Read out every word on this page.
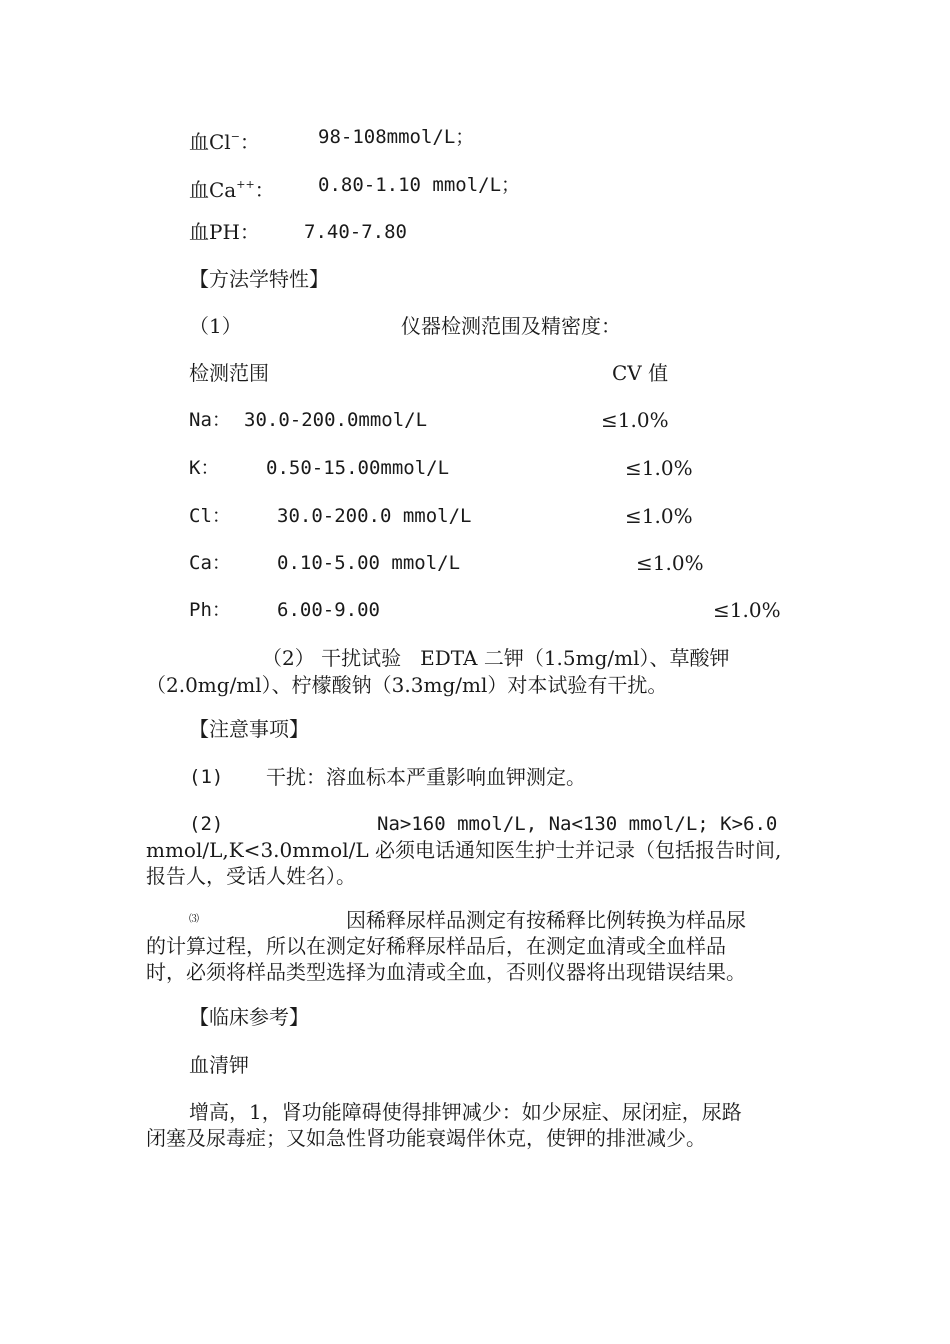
血Cl−：	98-108mmol/L；
血Ca++： 0.80-1.10 mmol/L；
血PH： 7.40-7.80
【方法学特性】
（1）	仪器检测范围及精密度：
检测范围	CV 值
Na： 30.0-200.0mmol/L	≤1.0%
K： 0.50-15.00mmol/L	≤1.0%
Cl： 30.0-200.0 mmol/L	≤1.0%
Ca： 0.10-5.00 mmol/L	≤1.0%
Ph： 6.00-9.00	≤1.0%
（2） 干扰试验   EDTA 二钾（1.5mg/ml）、草酸钾
（2.0mg/ml）、柠檬酸钠（3.3mg/ml）对本试验有干扰。
【注意事项】
(1) 干扰：溶血标本严重影响血钾测定。
(2)	Na>160 mmol/L, Na<130 mmol/L; K>6.0
mmol/L,K<3.0mmol/L 必须电话通知医生护士并记录（包括报告时间,
报告人，受话人姓名）。
⑶	因稀释尿样品测定有按稀释比例转换为样品尿
的计算过程，所以在测定好稀释尿样品后，在测定血清或全血样品
时，必须将样品类型选择为血清或全血，否则仪器将出现错误结果。
【临床参考】
血清钾
增高，1，肾功能障碍使得排钾减少：如少尿症、尿闭症，尿路
闭塞及尿毒症；又如急性肾功能衰竭伴休克，使钾的排泄减少。
